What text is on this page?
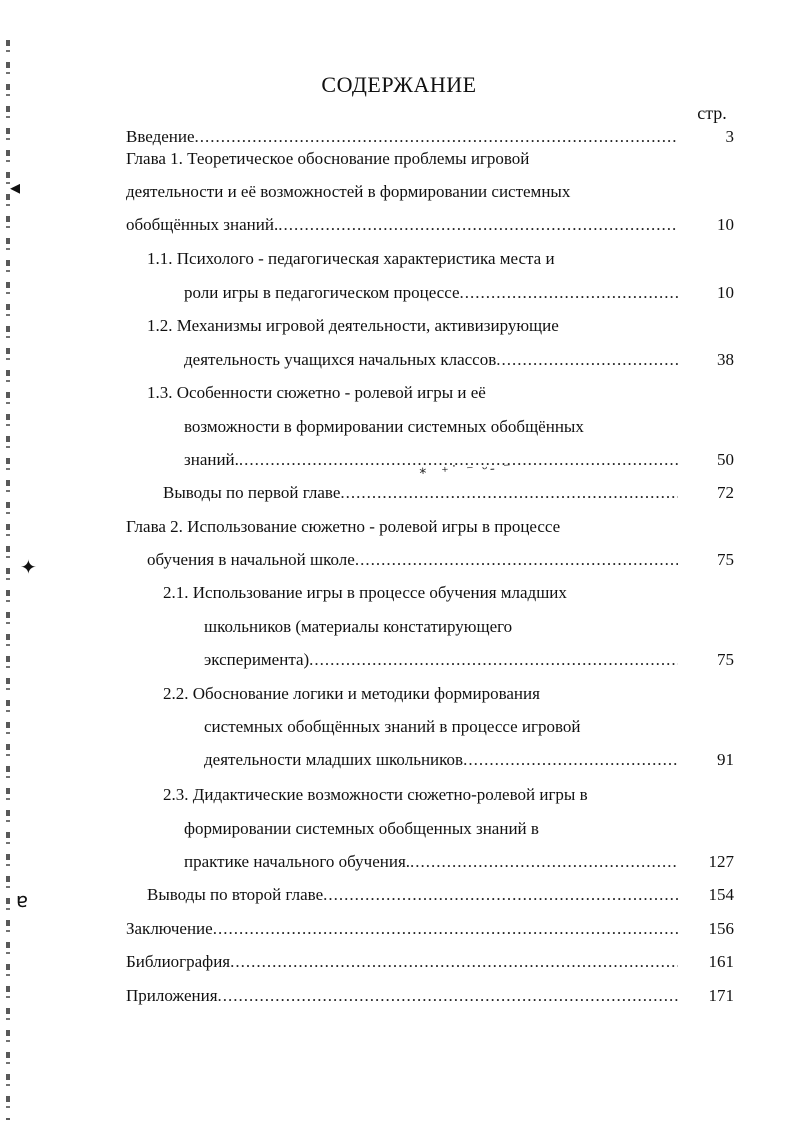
◂
✦
ɐ
СОДЕРЖАНИЕ
стр.
*  ⁺˙ ⁻ ᵕ‐ ⁻
Введение .....	3
Глава 1. Теоретическое обоснование проблемы игровой
деятельности и её возможностей в формировании системных
обобщённых знаний. .....	10
1.1. Психолого - педагогическая характеристика места и
роли игры в педагогическом процессе .....	10
1.2. Механизмы игровой деятельности, активизирующие
деятельность учащихся начальных классов .....	38
1.3. Особенности сюжетно - ролевой игры и её
возможности в формировании системных обобщённых
знаний. .....	50
Выводы по первой главе .....	72
Глава 2. Использование сюжетно - ролевой игры в процессе
обучения в начальной школе .....	75
2.1. Использование игры в процессе обучения младших
школьников (материалы констатирующего
эксперимента) .....	75
2.2. Обоснование логики и методики формирования
системных обобщённых знаний в процессе игровой
деятельности младших школьников .....	91
2.3. Дидактические возможности сюжетно-ролевой игры в
формировании системных обобщенных знаний в
практике начального обучения. .....	127
Выводы по второй главе .....	154
Заключение .....	156
Библиография .....	161
Приложения .....	171
